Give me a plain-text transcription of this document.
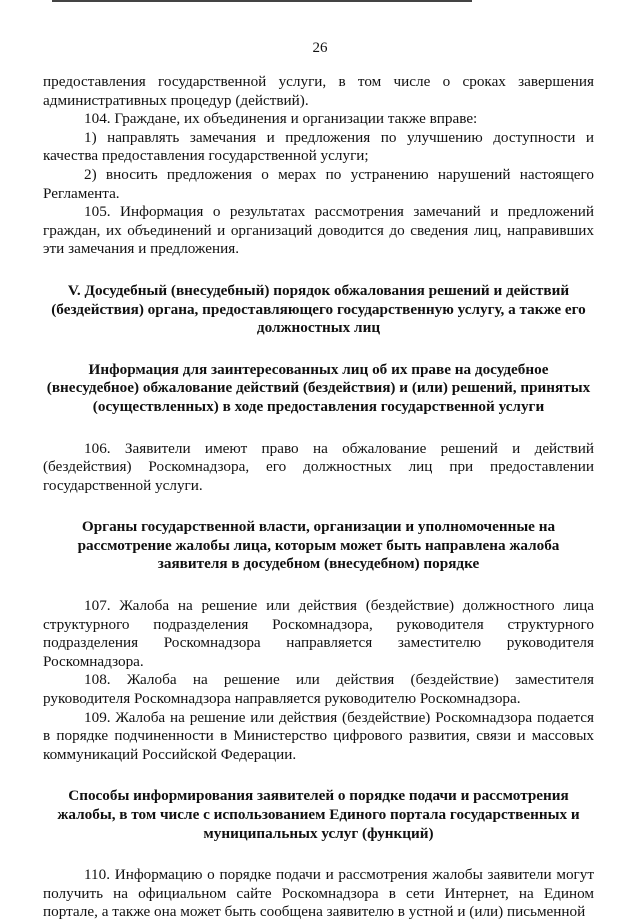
26

предоставления государственной услуги, в том числе о сроках завершения административных процедур (действий).

104. Граждане, их объединения и организации также вправе:

1) направлять замечания и предложения по улучшению доступности и качества предоставления государственной услуги;

2) вносить предложения о мерах по устранению нарушений настоящего Регламента.

105. Информация о результатах рассмотрения замечаний и предложений граждан, их объединений и организаций доводится до сведения лиц, направивших эти замечания и предложения.

V. Досудебный (внесудебный) порядок обжалования решений и действий (бездействия) органа, предоставляющего государственную услугу, а также его должностных лиц

Информация для заинтересованных лиц об их праве на досудебное (внесудебное) обжалование действий (бездействия) и (или) решений, принятых (осуществленных) в ходе предоставления государственной услуги

106. Заявители имеют право на обжалование решений и действий (бездействия) Роскомнадзора, его должностных лиц при предоставлении государственной услуги.

Органы государственной власти, организации и уполномоченные на рассмотрение жалобы лица, которым может быть направлена жалоба заявителя в досудебном (внесудебном) порядке

107. Жалоба на решение или действия (бездействие) должностного лица структурного подразделения Роскомнадзора, руководителя структурного подразделения Роскомнадзора направляется заместителю руководителя Роскомнадзора.

108. Жалоба на решение или действия (бездействие) заместителя руководителя Роскомнадзора направляется руководителю Роскомнадзора.

109. Жалоба на решение или действия (бездействие) Роскомнадзора подается в порядке подчиненности в Министерство цифрового развития, связи и массовых коммуникаций Российской Федерации.

Способы информирования заявителей о порядке подачи и рассмотрения жалобы, в том числе с использованием Единого портала государственных и муниципальных услуг (функций)

110. Информацию о порядке подачи и рассмотрения жалобы заявители могут получить на официальном сайте Роскомнадзора в сети Интернет, на Едином портале, а также она может быть сообщена заявителю в устной и (или) письменной
